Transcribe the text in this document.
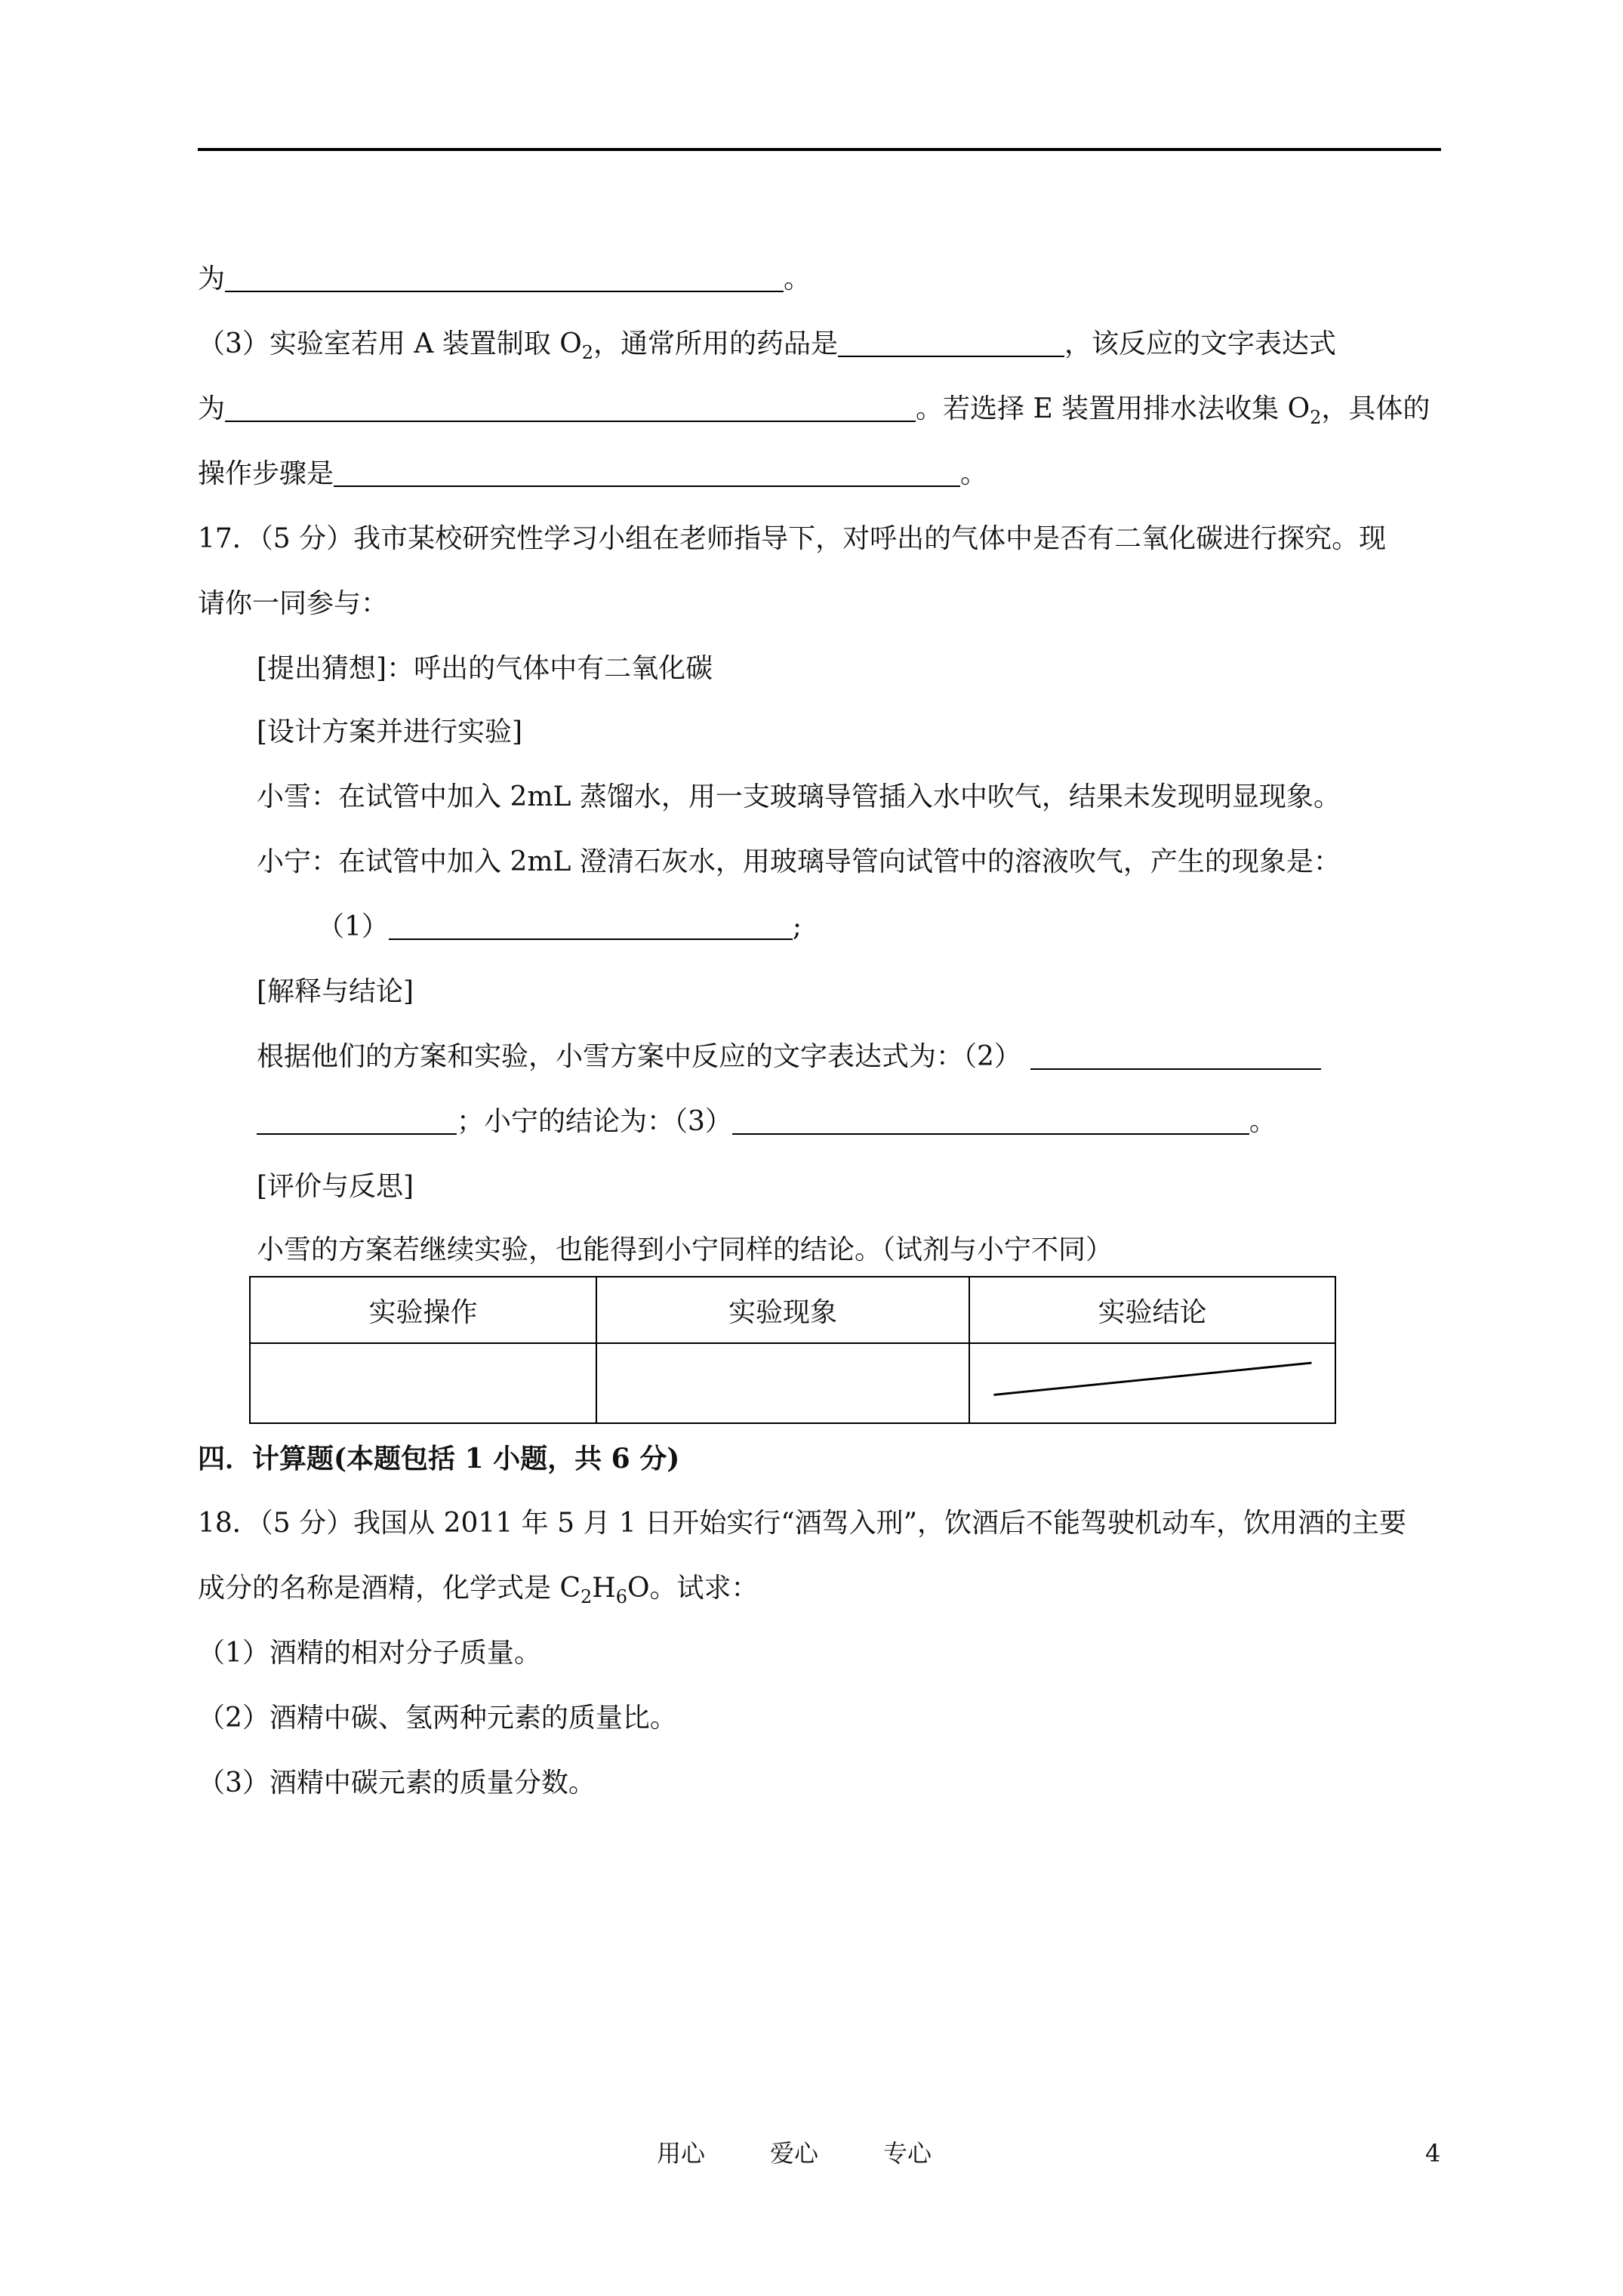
为	。
（3）实验室若用 A 装置制取 $O_2$，通常所用的药品是	，该反应的文字表达式
为	。若选择 E 装置用排水法收集 $O_2$，具体的
操作步骤是	。
17．（5 分）我市某校研究性学习小组在老师指导下，对呼出的气体中是否有二氧化碳进行探究。现
请你一同参与：
[提出猜想]：呼出的气体中有二氧化碳
[设计方案并进行实验]
小雪：在试管中加入 2mL 蒸馏水，用一支玻璃导管插入水中吹气，结果未发现明显现象。
小宁：在试管中加入 2mL 澄清石灰水，用玻璃导管向试管中的溶液吹气，产生的现象是：
（1）	;
[解释与结论]
根据他们的方案和实验，小雪方案中反应的文字表达式为：（2）
；小宁的结论为：（3）	。
[评价与反思]
小雪的方案若继续实验，也能得到小宁同样的结论。（试剂与小宁不同）
实验操作	实验现象	实验结论

四．计算题(本题包括 1 小题，共 6 分)
18．（5 分）我国从 2011 年 5 月 1 日开始实行“酒驾入刑”，饮酒后不能驾驶机动车，饮用酒的主要
成分的名称是酒精，化学式是 $C_2H_6O$。试求：
（1）酒精的相对分子质量。
（2）酒精中碳、氢两种元素的质量比。
（3）酒精中碳元素的质量分数。
用心	爱心	专心	4
